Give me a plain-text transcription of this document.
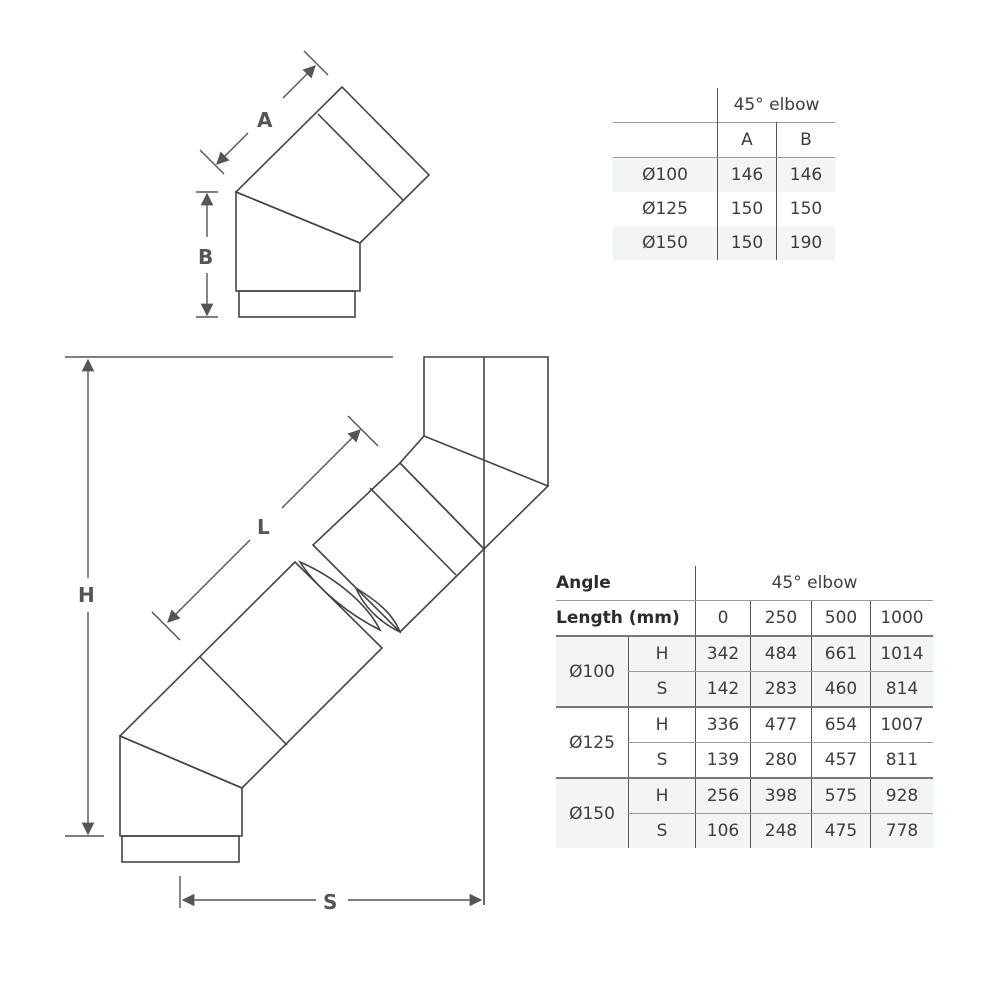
A
B
H
S
L
	45° elbow	
	A	B
Ø100	146	146
Ø125	150	150
Ø150	150	190
Angle		45° elbow			
Length (mm)		0	250	500	1000
Ø100	H	342	484	661	1014
	S	142	283	460	814
Ø125	H	336	477	654	1007
	S	139	280	457	811
Ø150	H	256	398	575	928
	S	106	248	475	778
